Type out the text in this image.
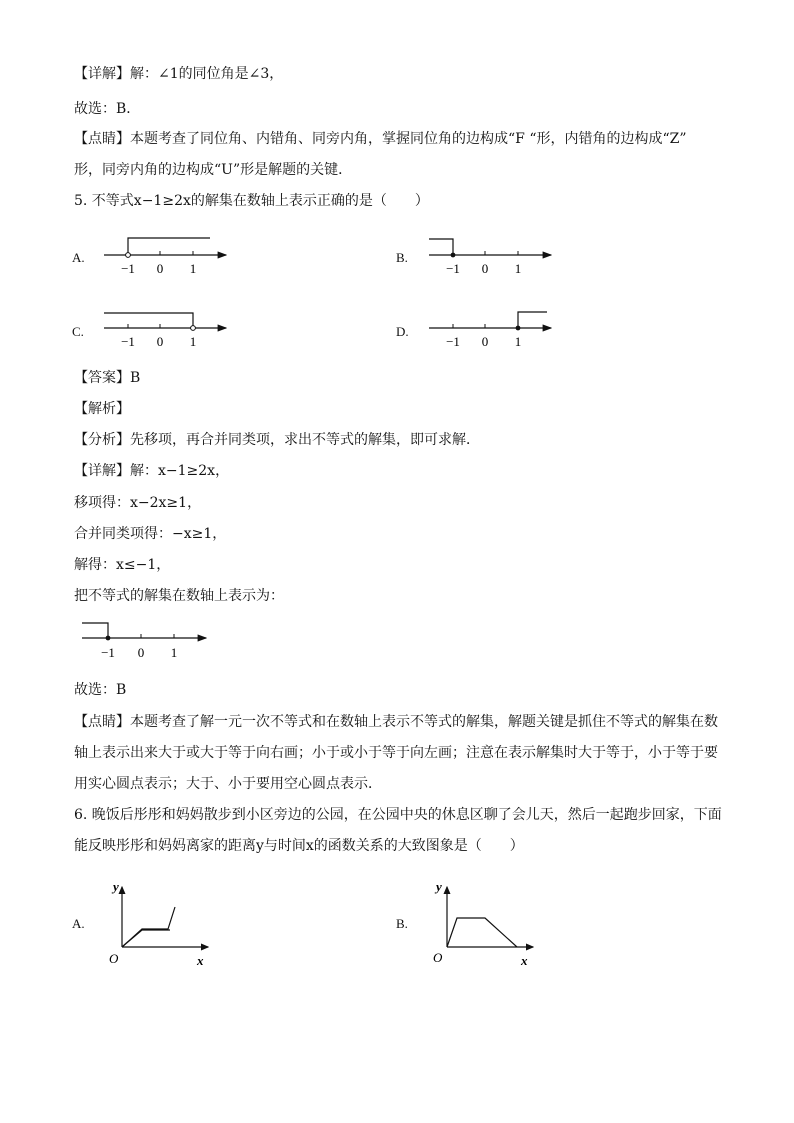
【详解】解：∠1的同位角是∠3，
故选：B．
【点睛】本题考查了同位角、内错角、同旁内角，掌握同位角的边构成“F “形，内错角的边构成“Z”
形，同旁内角的边构成“U”形是解题的关键．
5. 不等式x−1≥2x的解集在数轴上表示正确的是（　　）
A.	B.
C.	D.
−1 0 1	−1 0 1
−1 0 1	−1 0 1
【答案】B
【解析】
【分析】先移项，再合并同类项，求出不等式的解集，即可求解．
【详解】解：x−1≥2x，
移项得：x−2x≥1，
合并同类项得：−x≥1，
解得：x≤−1，
把不等式的解集在数轴上表示为：
−1 0 1
故选：B
【点睛】本题考查了解一元一次不等式和在数轴上表示不等式的解集，解题关键是抓住不等式的解集在数
轴上表示出来大于或大于等于向右画；小于或小于等于向左画；注意在表示解集时大于等于，小于等于要
用实心圆点表示；大于、小于要用空心圆点表示．
6. 晚饭后彤彤和妈妈散步到小区旁边的公园，在公园中央的休息区聊了会儿天，然后一起跑步回家，下面
能反映彤彤和妈妈离家的距离y与时间x的函数关系的大致图象是（　　）
A.	B.
y
x
O
y
x
O
